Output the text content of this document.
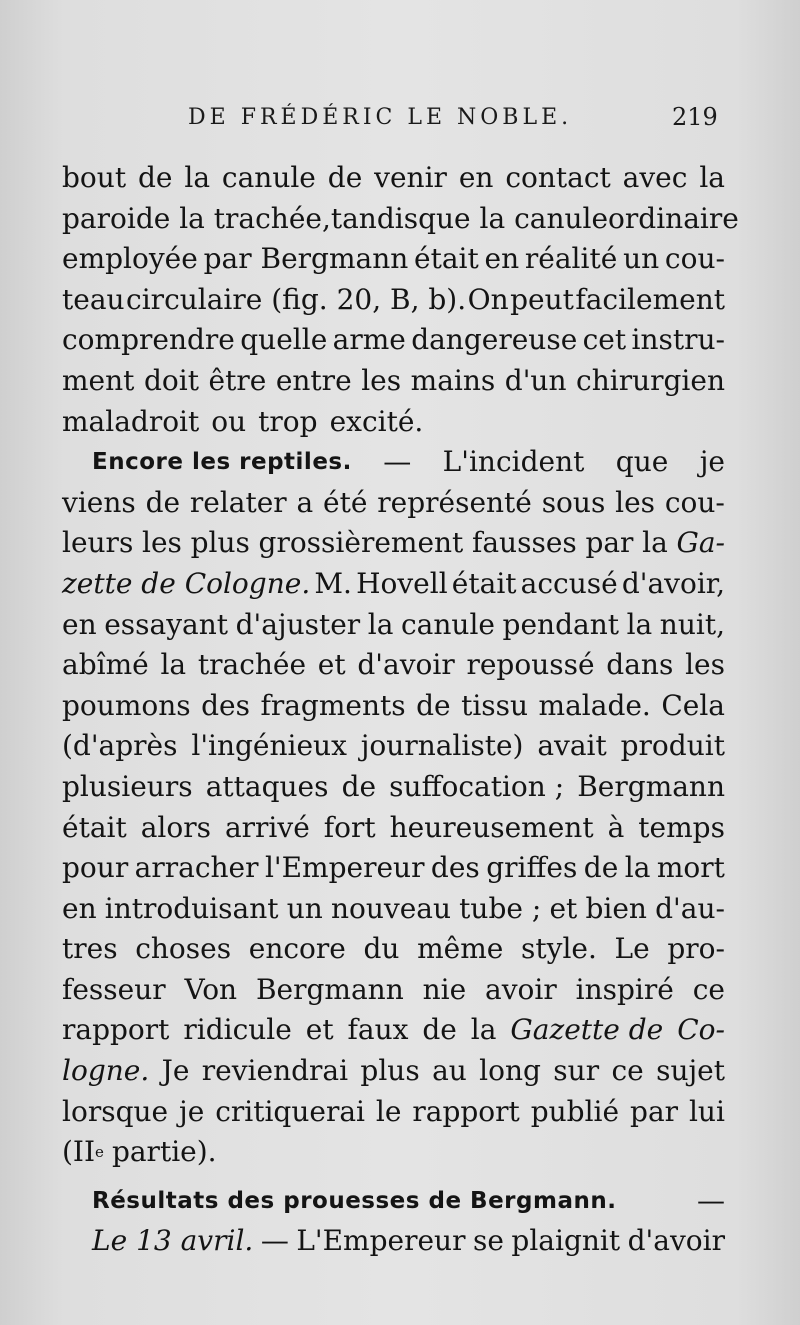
DE FRÉDÉRIC LE NOBLE.	219
bout de la canule de venir en contact avec la
paroi de la trachée, tandis que la canule ordinaire
employée par Bergmann était en réalité un cou-
teau circulaire (fig. 20, B, b). On peut facilement
comprendre quelle arme dangereuse cet instru-
ment doit être entre les mains d'un chirurgien
maladroit ou trop excité.
Encore les reptiles. — L'incident que je
viens de relater a été représenté sous les cou-
leurs les plus grossièrement fausses par la Ga-
zette de Cologne. M. Hovell était accusé d'avoir,
en essayant d'ajuster la canule pendant la nuit,
abîmé la trachée et d'avoir repoussé dans les
poumons des fragments de tissu malade. Cela
(d'après l'ingénieux journaliste) avait produit
plusieurs attaques de suffocation ; Bergmann
était alors arrivé fort heureusement à temps
pour arracher l'Empereur des griffes de la mort
en introduisant un nouveau tube ; et bien d'au-
tres choses encore du même style. Le pro-
fesseur Von Bergmann nie avoir inspiré ce
rapport ridicule et faux de la Gazette de Co-
logne. Je reviendrai plus au long sur ce sujet
lorsque je critiquerai le rapport publié par lui
(II e partie).
Résultats des prouesses de Bergmann.	—
Le 13 avril. — L'Empereur se plaignit d'avoir
